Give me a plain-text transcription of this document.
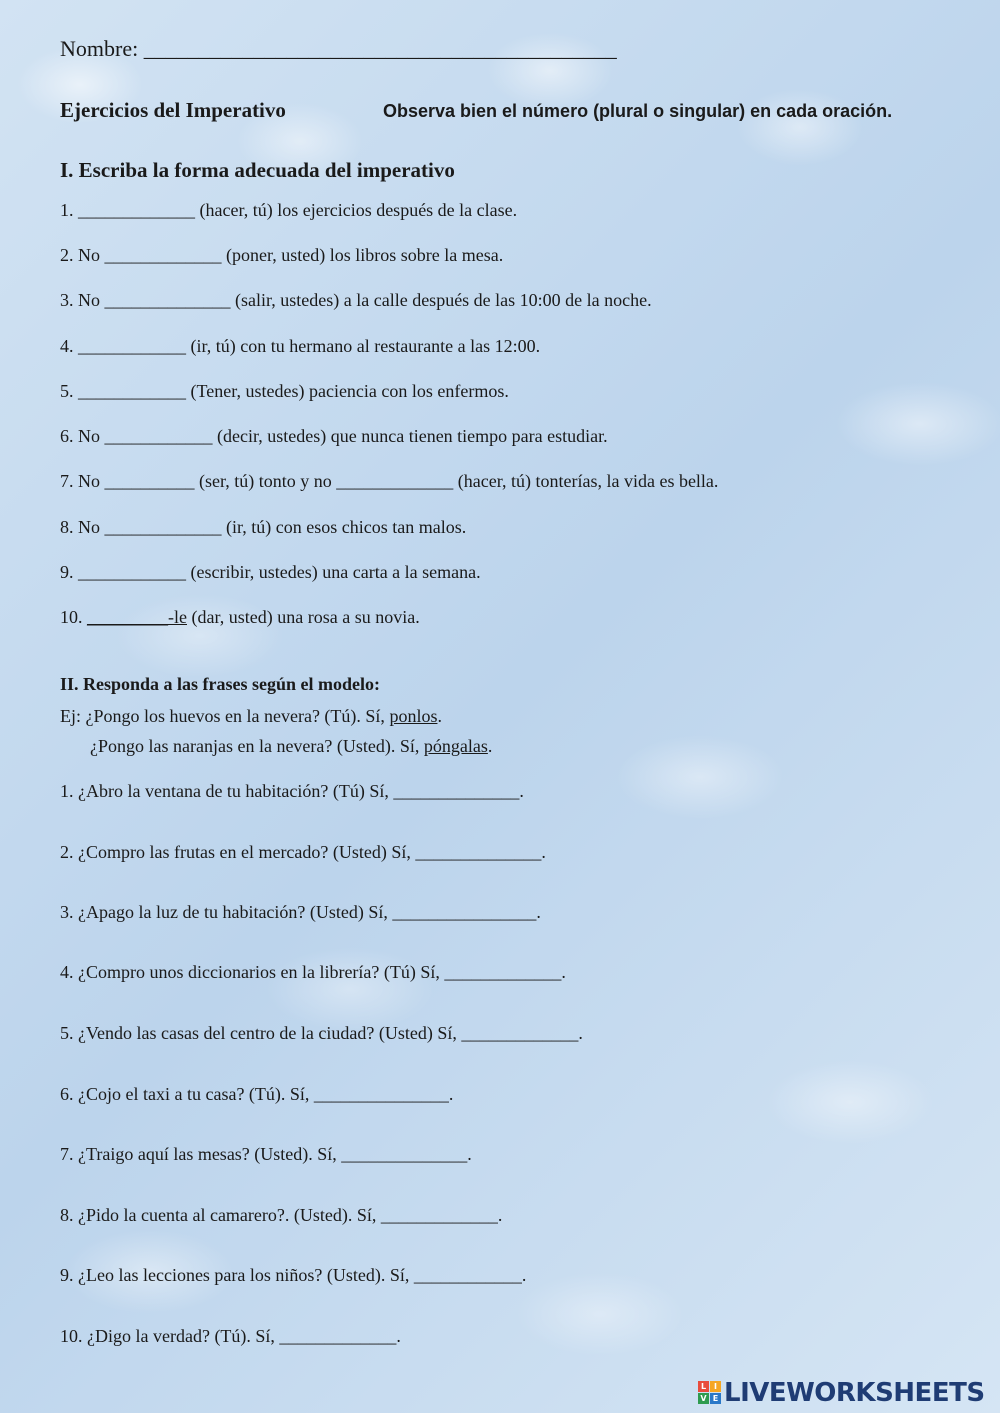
Nombre: ___________________________________________
Ejercicios del Imperativo	Observa bien el número (plural o singular) en cada oración.
I. Escriba la forma adecuada del imperativo
1. _____________ (hacer, tú) los ejercicios después de la clase.
2. No _____________ (poner, usted) los libros sobre la mesa.
3. No ______________ (salir, ustedes) a la calle después de las 10:00 de la noche.
4. ____________ (ir, tú) con tu hermano al restaurante a las 12:00.
5. ____________ (Tener, ustedes) paciencia con los enfermos.
6. No ____________ (decir, ustedes) que nunca tienen tiempo para estudiar.
7. No __________ (ser, tú) tonto y no _____________ (hacer, tú) tonterías, la vida es bella.
8. No _____________ (ir, tú) con esos chicos tan malos.
9. ____________ (escribir, ustedes) una carta a la semana.
10. _________-le (dar, usted) una rosa a su novia.
II. Responda a las frases según el modelo:
Ej: ¿Pongo los huevos en la nevera? (Tú). Sí, ponlos.
¿Pongo las naranjas en la nevera? (Usted). Sí, póngalas.
1. ¿Abro la ventana de tu habitación? (Tú) Sí, ______________.
2. ¿Compro las frutas en el mercado? (Usted) Sí, ______________.
3. ¿Apago la luz de tu habitación? (Usted) Sí, ________________.
4. ¿Compro unos diccionarios en la librería? (Tú) Sí, _____________.
5. ¿Vendo las casas del centro de la ciudad? (Usted) Sí, _____________.
6. ¿Cojo el taxi a tu casa? (Tú). Sí, _______________.
7. ¿Traigo aquí las mesas? (Usted). Sí, ______________.
8. ¿Pido la cuenta al camarero?. (Usted). Sí, _____________.
9. ¿Leo las lecciones para los niños? (Usted). Sí, ____________.
10. ¿Digo la verdad? (Tú). Sí, _____________.
L I
V E LIVEWORKSHEETS
